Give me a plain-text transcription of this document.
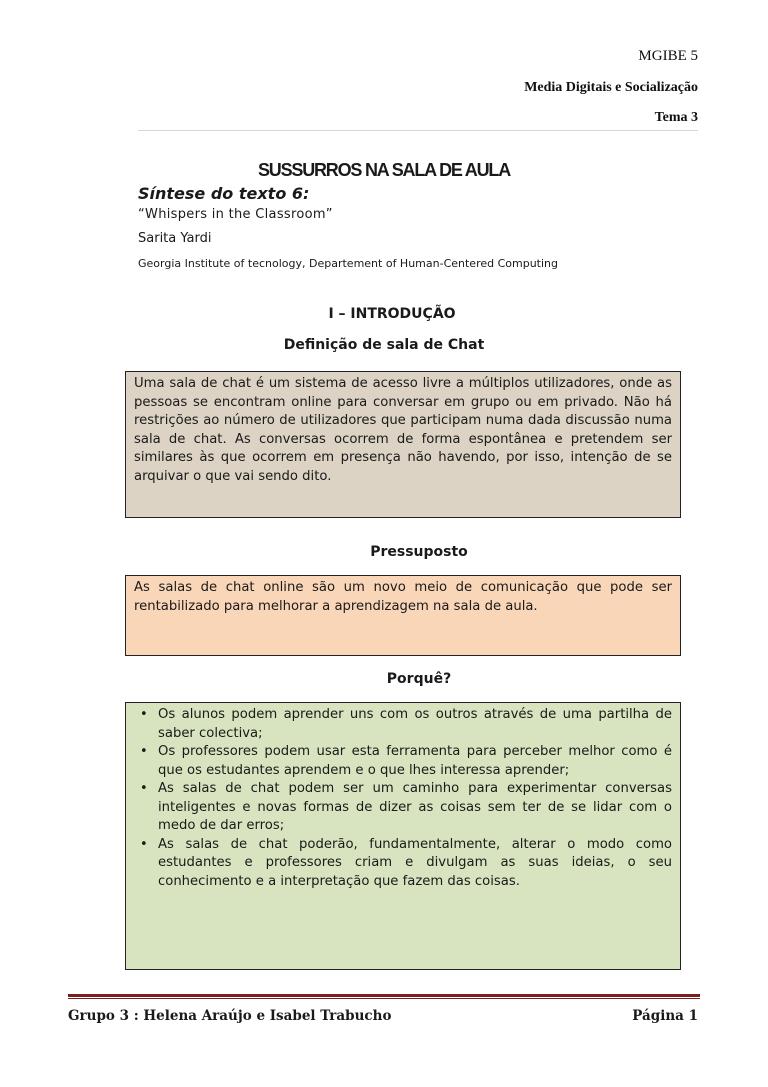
MGIBE 5
Media Digitais e Socialização
Tema 3
SUSSURROS NA SALA DE AULA
Síntese do texto 6:
“Whispers in the Classroom”
Sarita Yardi
Georgia Institute of tecnology, Departement of Human-Centered Computing
I – INTRODUÇÃO
Definição de sala de Chat
Uma sala de chat é um sistema de acesso livre a múltiplos utilizadores, onde as pessoas se encontram online para conversar em grupo ou em privado. Não há restrições ao número de utilizadores que participam numa dada discussão numa sala de chat. As conversas ocorrem de forma espontânea e pretendem ser similares às que ocorrem em presença não havendo, por isso, intenção de se arquivar o que vai sendo dito.
Pressuposto
As salas de chat online são um novo meio de comunicação que pode ser rentabilizado para melhorar a aprendizagem na sala de aula.
Porquê?
• Os alunos podem aprender uns com os outros através de uma partilha de saber colectiva;
• Os professores podem usar esta ferramenta para perceber melhor como é que os estudantes aprendem e o que lhes interessa aprender;
• As salas de chat podem ser um caminho para experimentar conversas inteligentes e novas formas de dizer as coisas sem ter de se lidar com o medo de dar erros;
• As salas de chat poderão, fundamentalmente, alterar o modo como estudantes e professores criam e divulgam as suas ideias, o seu conhecimento e a interpretação que fazem das coisas.
Grupo 3 : Helena Araújo e Isabel Trabucho	Página 1
